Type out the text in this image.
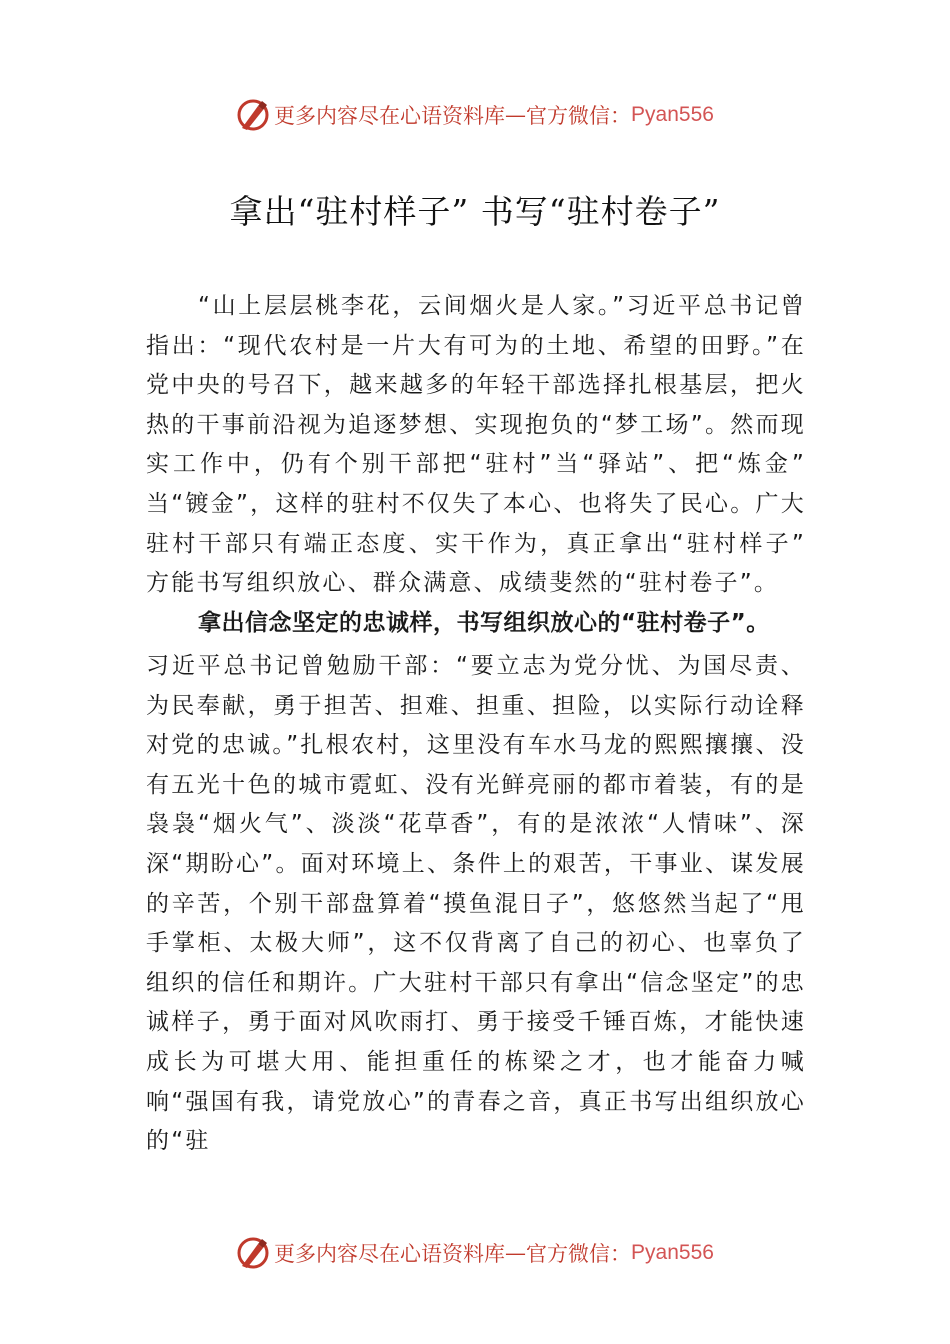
更多内容尽在心语资料库 — 官方微信： Pyan556
拿出“驻村样子” 书写“驻村卷子”
“山上层层桃李花，云间烟火是人家。”习近平总书记曾指出：“现代农村是一片大有可为的土地、希望的田野。”在党中央的号召下，越来越多的年轻干部选择扎根基层，把火热的干事前沿视为追逐梦想、实现抱负的“梦工场”。然而现实工作中，仍有个别干部把“驻村”当“驿站”、把“炼金” 当“镀金”，这样的驻村不仅失了本心、也将失了民心。广大驻村干部只有端正态度、实干作为，真正拿出“驻村样子” 方能书写组织放心、群众满意、成绩斐然的“驻村卷子”。
拿出信念坚定的忠诚样，书写组织放心的“驻村卷子”。
习近平总书记曾勉励干部：“要立志为党分忧、为国尽责、为民奉献，勇于担苦、担难、担重、担险，以实际行动诠释对党的忠诚。”扎根农村，这里没有车水马龙的熙熙攘攘、没有五光十色的城市霓虹、没有光鲜亮丽的都市着装，有的是袅袅“烟火气”、淡淡“花草香”，有的是浓浓“人情味”、深深“期盼心”。面对环境上、条件上的艰苦，干事业、谋发展的辛苦，个别干部盘算着“摸鱼混日子”，悠悠然当起了“甩手掌柜、太极大师”，这不仅背离了自己的初心、也辜负了组织的信任和期许。广大驻村干部只有拿出“信念坚定”的忠诚样子，勇于面对风吹雨打、勇于接受千锤百炼，才能快速成长为可堪大用、能担重任的栋梁之才，也才能奋力喊响“强国有我，请党放心”的青春之音，真正书写出组织放心的“驻
更多内容尽在心语资料库 — 官方微信： Pyan556
